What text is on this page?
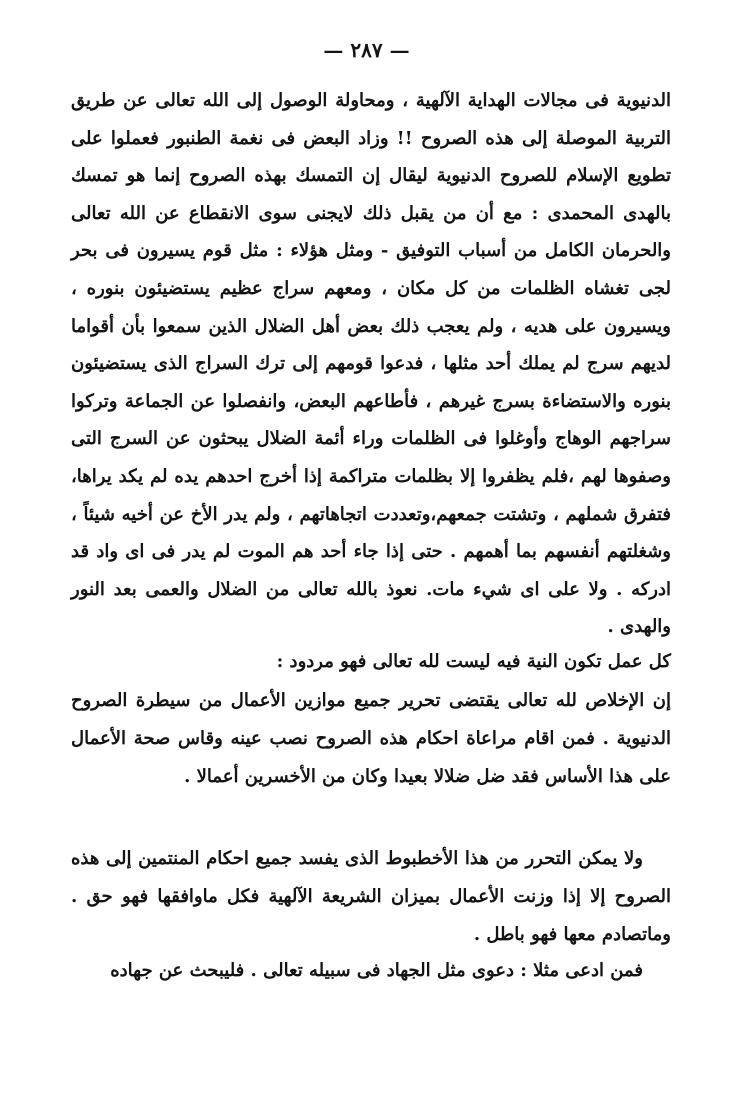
— ٢٨٧ —

الدنيوية فى مجالات الهداية الآلهية ، ومحاولة الوصول إلى الله تعالى عن طريق التربية الموصلة إلى هذه الصروح !! وزاد البعض فى نغمة الطنبور فعملوا على تطويع الإسلام للصروح الدنيوية ليقال إن التمسك بهذه الصروح إنما هو تمسك بالهدى المحمدى : مع أن من يقبل ذلك لايجنى سوى الانقطاع عن الله تعالى والحرمان الكامل من أسباب التوفيق - ومثل هؤلاء : مثل قوم يسيرون فى بحر لجى تغشاه الظلمات من كل مكان ، ومعهم سراج عظيم يستضيئون بنوره ، ويسيرون على هديه ، ولم يعجب ذلك بعض أهل الضلال الذين سمعوا بأن أقواما لديهم سرج لم يملك أحد مثلها ، فدعوا قومهم إلى ترك السراج الذى يستضيئون بنوره والاستضاءة بسرج غيرهم ، فأطاعهم البعض، وانفصلوا عن الجماعة وتركوا سراجهم الوهاج وأوغلوا فى الظلمات وراء أئمة الضلال يبحثون عن السرج التى وصفوها لهم ،فلم يظفروا إلا بظلمات متراكمة إذا أخرج احدهم يده لم يكد يراها، فتفرق شملهم ، وتشتت جمعهم،وتعددت اتجاهاتهم ، ولم يدر الأخ عن أخيه شيئاً ، وشغلتهم أنفسهم بما أهمهم . حتى إذا جاء أحد هم الموت لم يدر فى اى واد قد ادركه . ولا على اى شيء مات. نعوذ بالله تعالى من الضلال والعمى بعد النور والهدى .

كل عمل تكون النية فيه ليست لله تعالى فهو مردود :

إن الإخلاص لله تعالى يقتضى تحرير جميع موازين الأعمال من سيطرة الصروح الدنيوية . فمن اقام مراعاة احكام هذه الصروح نصب عينه وقاس صحة الأعمال على هذا الأساس فقد ضل ضلالا بعيدا وكان من الأخسرين أعمالا .

ولا يمكن التحرر من هذا الأخطبوط الذى يفسد جميع احكام المنتمين إلى هذه الصروح إلا إذا وزنت الأعمال بميزان الشريعة الآلهية فكل ماوافقها فهو حق . وماتصادم معها فهو باطل .

فمن ادعى مثلا : دعوى مثل الجهاد فى سبيله تعالى . فليبحث عن جهاده
